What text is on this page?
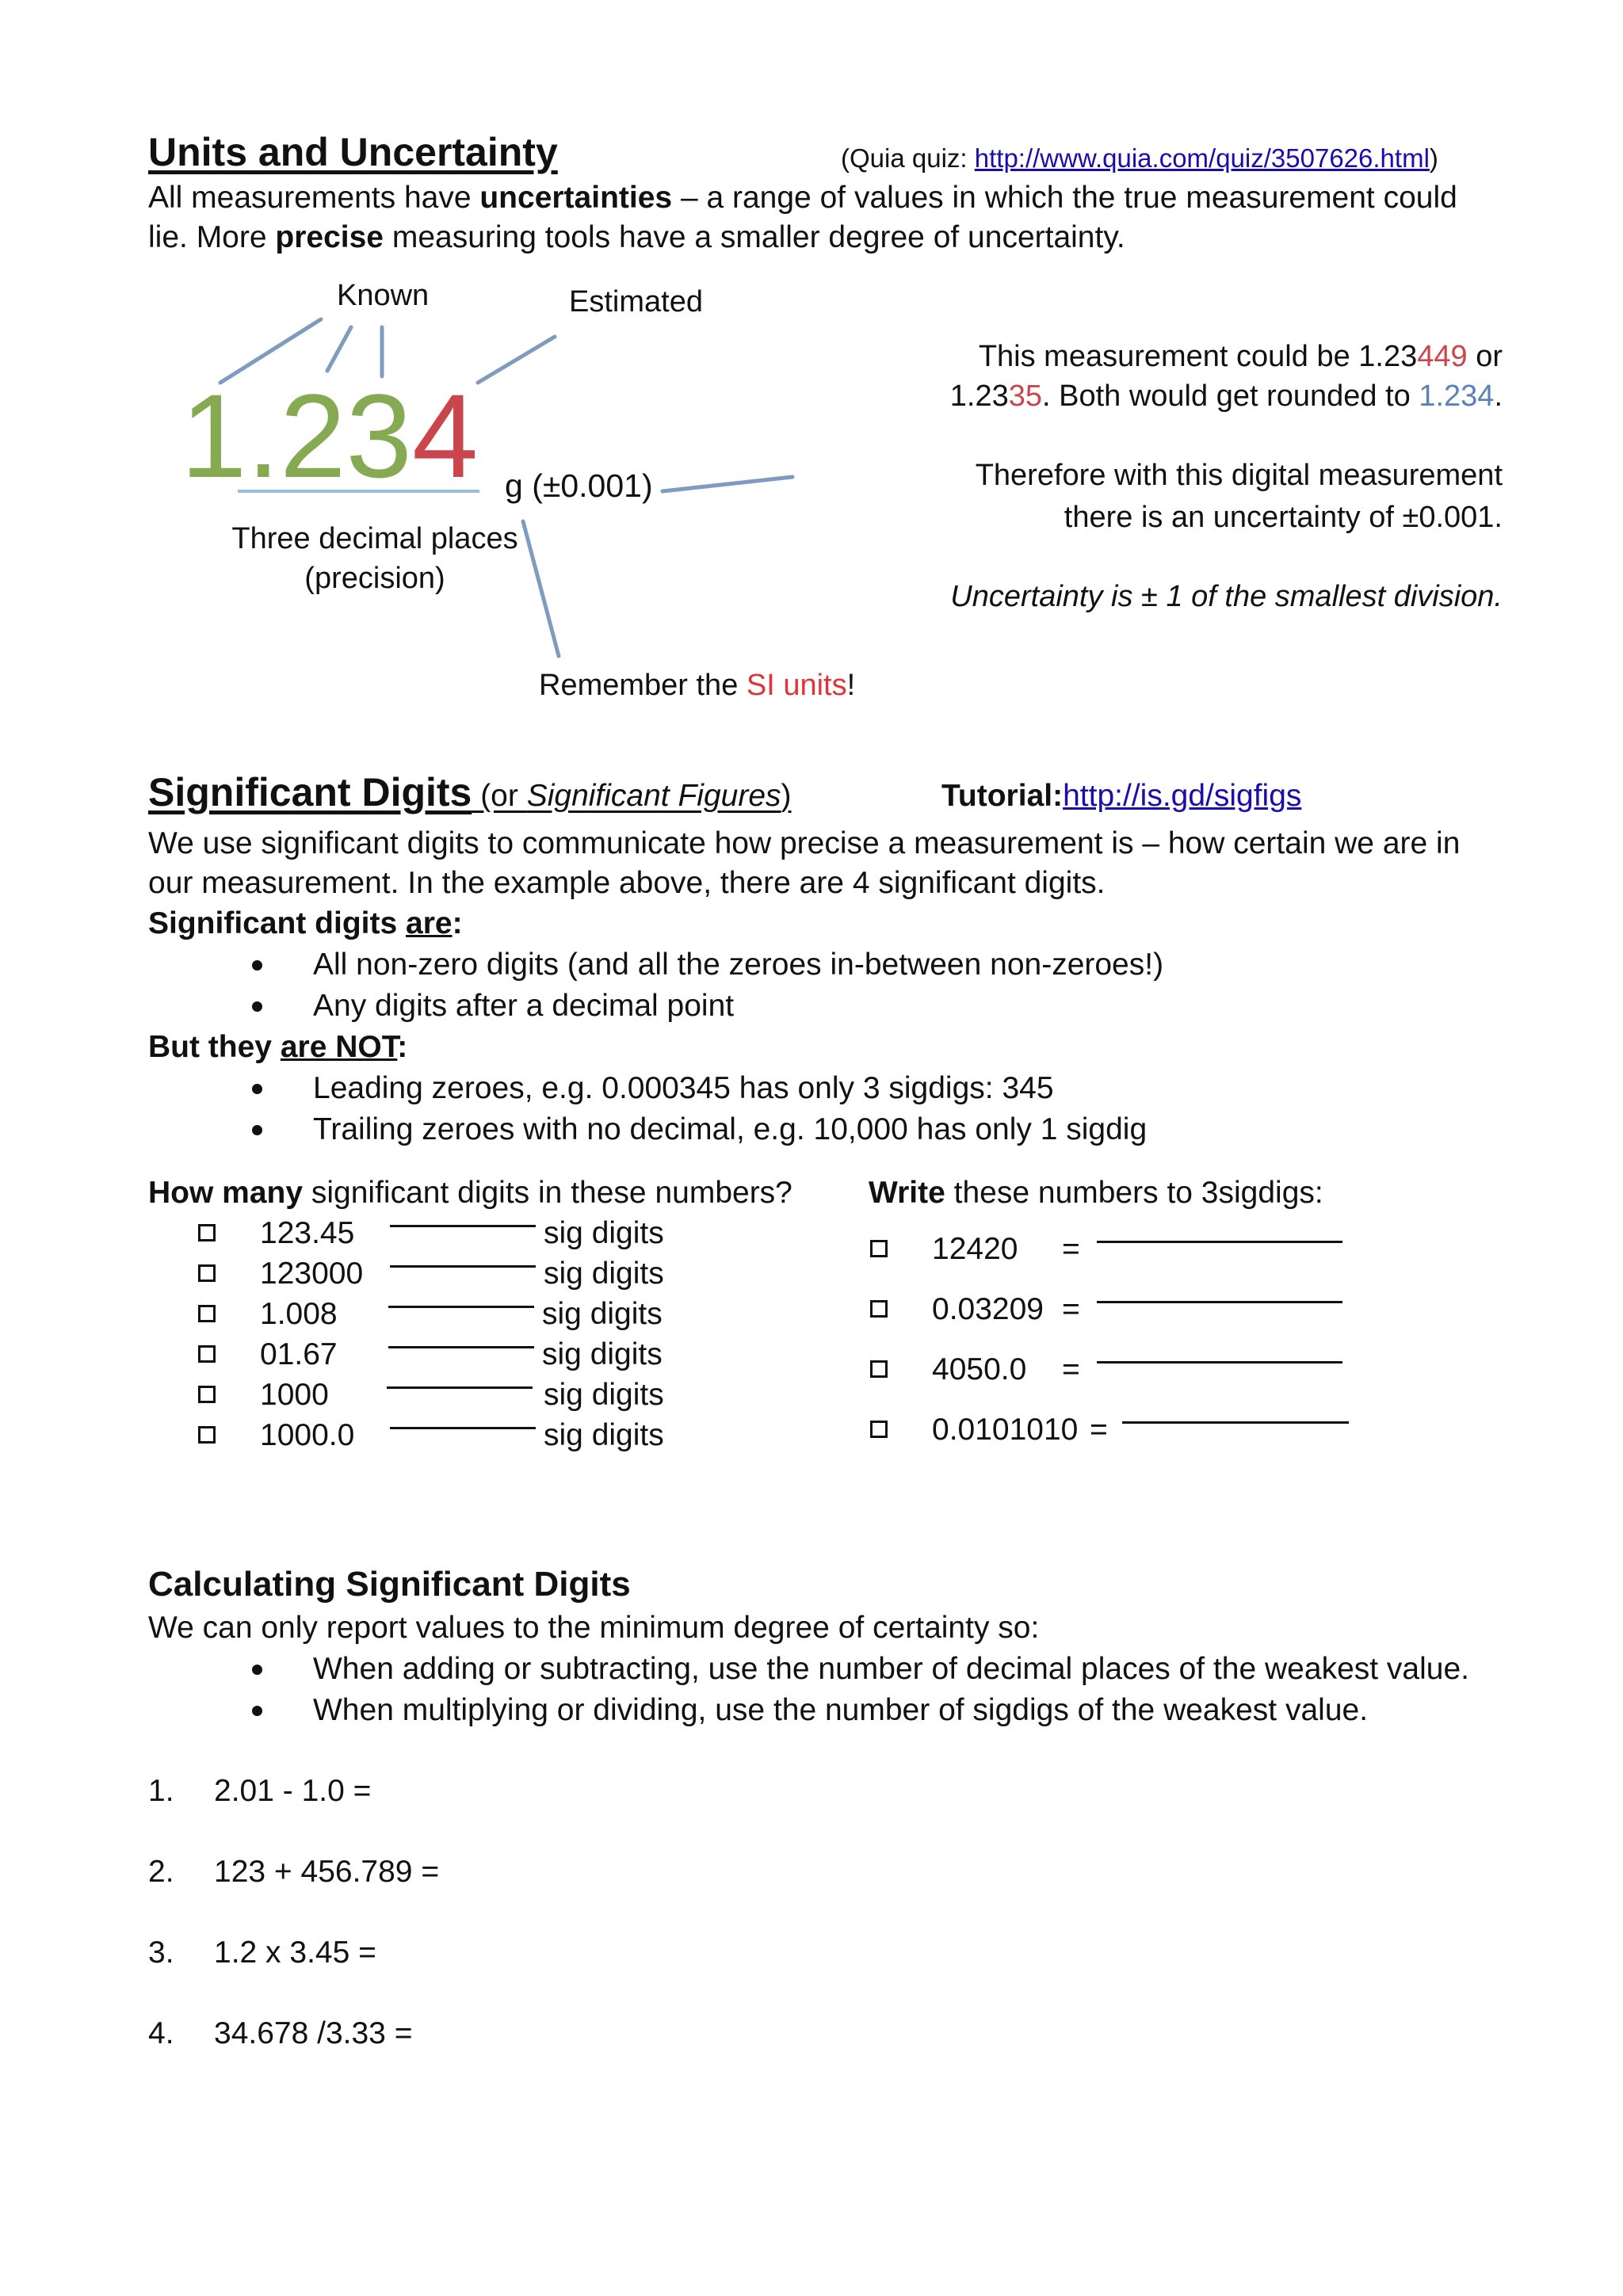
Units and Uncertainty	(Quia quiz: http://www.quia.com/quiz/3507626.html)
All measurements have uncertainties – a range of values in which the true measurement could
lie. More precise measuring tools have a smaller degree of uncertainty.
Known	Estimated
1.234 g (±0.001)
Three decimal places
(precision)
Remember the SI units!
This measurement could be 1.23449 or
1.2335. Both would get rounded to 1.234.
Therefore with this digital measurement
there is an uncertainty of ±0.001.
Uncertainty is ± 1 of the smallest division.
Significant Digits (or Significant Figures)	Tutorial:http://is.gd/sigfigs
We use significant digits to communicate how precise a measurement is – how certain we are in
our measurement. In the example above, there are 4 significant digits.
Significant digits are:
All non-zero digits (and all the zeroes in-between non-zeroes!)
Any digits after a decimal point
But they are NOT:
Leading zeroes, e.g. 0.000345 has only 3 sigdigs: 345
Trailing zeroes with no decimal, e.g. 10,000 has only 1 sigdig
How many significant digits in these numbers?
123.45	sig digits
123000	sig digits
1.008	sig digits
01.67	sig digits
1000	sig digits
1000.0	sig digits
Write these numbers to 3sigdigs:
12420 =
0.03209 =
4050.0 =
0.0101010 =
Calculating Significant Digits
We can only report values to the minimum degree of certainty so:
When adding or subtracting, use the number of decimal places of the weakest value.
When multiplying or dividing, use the number of sigdigs of the weakest value.
1. 2.01 - 1.0 =
2. 123 + 456.789 =
3. 1.2 x 3.45 =
4. 34.678 /3.33 =
